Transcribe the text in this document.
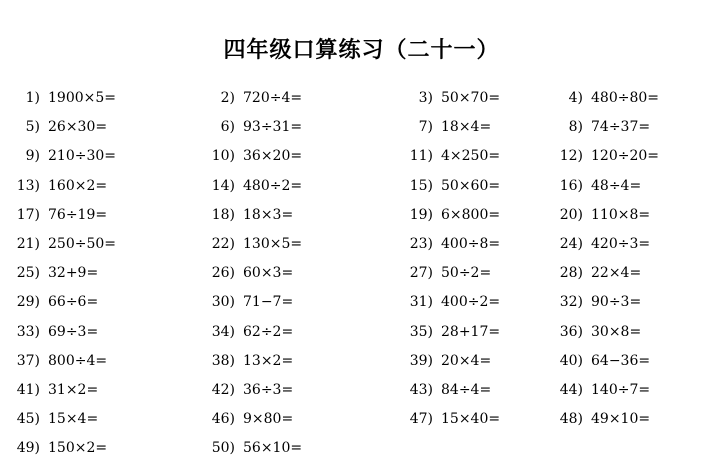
四年级口算练习（二十一）
1) 1900×5=	2) 720÷4=	3) 50×70=	4) 480÷80=
5) 26×30=	6) 93÷31=	7) 18×4=	8) 74÷37=
9) 210÷30=	10) 36×20=	11) 4×250=	12) 120÷20=
13) 160×2=	14) 480÷2=	15) 50×60=	16) 48÷4=
17) 76÷19=	18) 18×3=	19) 6×800=	20) 110×8=
21) 250÷50=	22) 130×5=	23) 400÷8=	24) 420÷3=
25) 32+9=	26) 60×3=	27) 50÷2=	28) 22×4=
29) 66÷6=	30) 71−7=	31) 400÷2=	32) 90÷3=
33) 69÷3=	34) 62÷2=	35) 28+17=	36) 30×8=
37) 800÷4=	38) 13×2=	39) 20×4=	40) 64−36=
41) 31×2=	42) 36÷3=	43) 84÷4=	44) 140÷7=
45) 15×4=	46) 9×80=	47) 15×40=	48) 49×10=
49) 150×2=	50) 56×10=
